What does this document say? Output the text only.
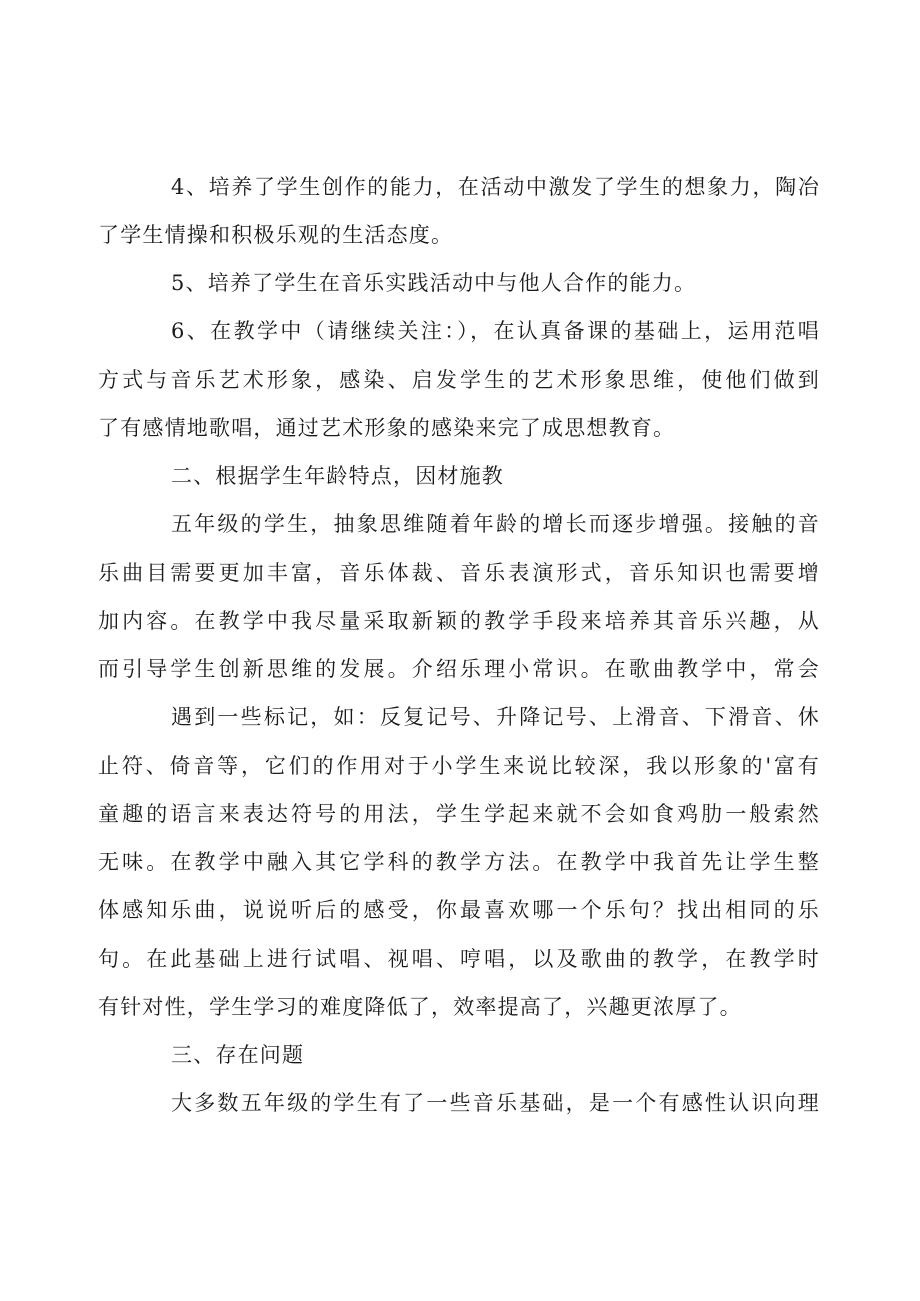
4、培养了学生创作的能力，在活动中激发了学生的想象力，陶冶

了学生情操和积极乐观的生活态度。

5、培养了学生在音乐实践活动中与他人合作的能力。

6、在教学中（请继续关注：），在认真备课的基础上，运用范唱

方式与音乐艺术形象，感染、启发学生的艺术形象思维，使他们做到

了有感情地歌唱，通过艺术形象的感染来完了成思想教育。

二、根据学生年龄特点，因材施教

五年级的学生，抽象思维随着年龄的增长而逐步增强。接触的音

乐曲目需要更加丰富，音乐体裁、音乐表演形式，音乐知识也需要增

加内容。在教学中我尽量采取新颖的教学手段来培养其音乐兴趣，从

而引导学生创新思维的发展。介绍乐理小常识。在歌曲教学中，常会

遇到一些标记，如：反复记号、升降记号、上滑音、下滑音、休

止符、倚音等，它们的作用对于小学生来说比较深，我以形象的'富有

童趣的语言来表达符号的用法，学生学起来就不会如食鸡肋一般索然

无味。在教学中融入其它学科的教学方法。在教学中我首先让学生整

体感知乐曲，说说听后的感受，你最喜欢哪一个乐句？找出相同的乐

句。在此基础上进行试唱、视唱、哼唱，以及歌曲的教学，在教学时

有针对性，学生学习的难度降低了，效率提高了，兴趣更浓厚了。

三、存在问题

大多数五年级的学生有了一些音乐基础，是一个有感性认识向理
